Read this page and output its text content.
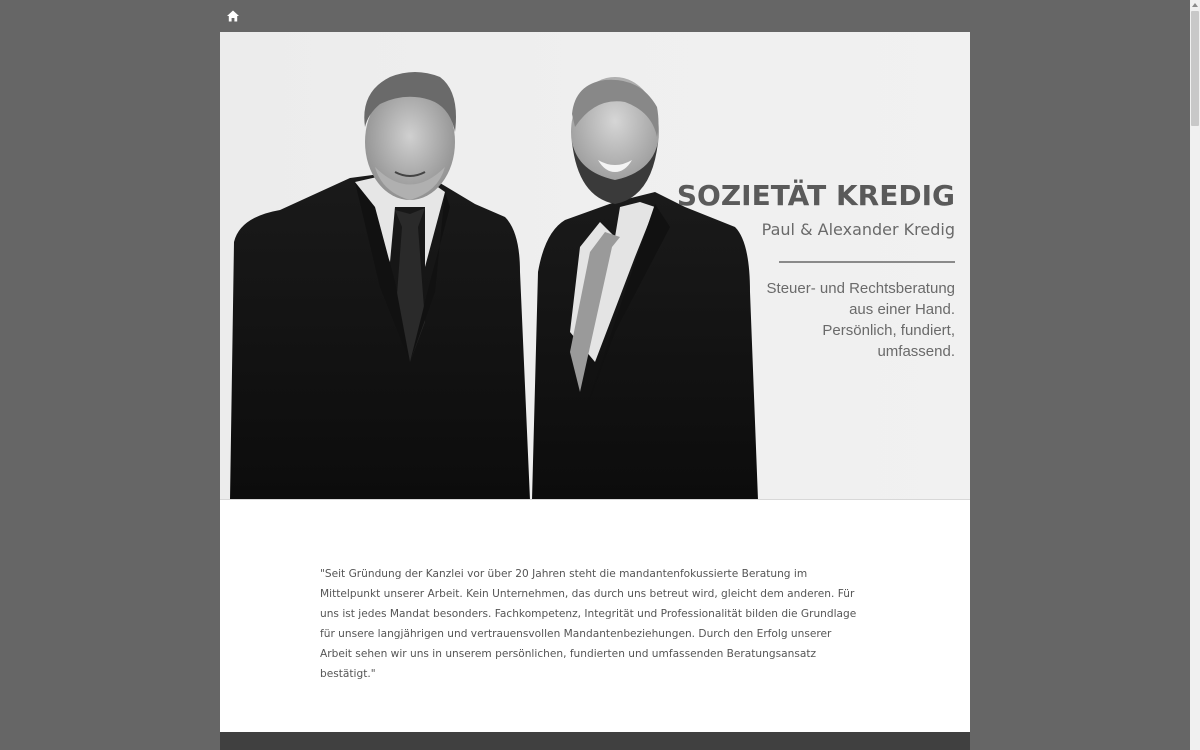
SOZIETÄT KREDIG
Paul & Alexander Kredig
Steuer- und Rechtsberatung
aus einer Hand.
Persönlich, fundiert,
umfassend.

"Seit Gründung der Kanzlei vor über 20 Jahren steht die mandantenfokussierte Beratung im Mittelpunkt unserer Arbeit. Kein Unternehmen, das durch uns betreut wird, gleicht dem anderen. Für uns ist jedes Mandat besonders. Fachkompetenz, Integrität und Professionalität bilden die Grundlage für unsere langjährigen und vertrauensvollen Mandantenbeziehungen. Durch den Erfolg unserer Arbeit sehen wir uns in unserem persönlichen, fundierten und umfassenden Beratungsansatz bestätigt."
